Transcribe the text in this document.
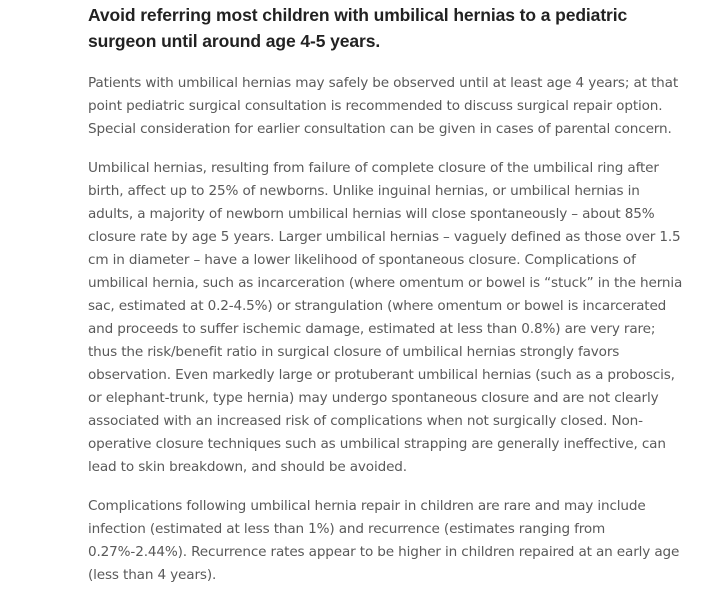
Avoid referring most children with umbilical hernias to a pediatric surgeon until around age 4-5 years.

Patients with umbilical hernias may safely be observed until at least age 4 years; at that point pediatric surgical consultation is recommended to discuss surgical repair option. Special consideration for earlier consultation can be given in cases of parental concern.

Umbilical hernias, resulting from failure of complete closure of the umbilical ring after birth, affect up to 25% of newborns. Unlike inguinal hernias, or umbilical hernias in adults, a majority of newborn umbilical hernias will close spontaneously – about 85% closure rate by age 5 years. Larger umbilical hernias – vaguely defined as those over 1.5 cm in diameter – have a lower likelihood of spontaneous closure. Complications of umbilical hernia, such as incarceration (where omentum or bowel is “stuck” in the hernia sac, estimated at 0.2-4.5%) or strangulation (where omentum or bowel is incarcerated and proceeds to suffer ischemic damage, estimated at less than 0.8%) are very rare; thus the risk/benefit ratio in surgical closure of umbilical hernias strongly favors observation. Even markedly large or protuberant umbilical hernias (such as a proboscis, or elephant-trunk, type hernia) may undergo spontaneous closure and are not clearly associated with an increased risk of complications when not surgically closed. Non-operative closure techniques such as umbilical strapping are generally ineffective, can lead to skin breakdown, and should be avoided.

Complications following umbilical hernia repair in children are rare and may include infection (estimated at less than 1%) and recurrence (estimates ranging from 0.27%-2.44%). Recurrence rates appear to be higher in children repaired at an early age (less than 4 years).
